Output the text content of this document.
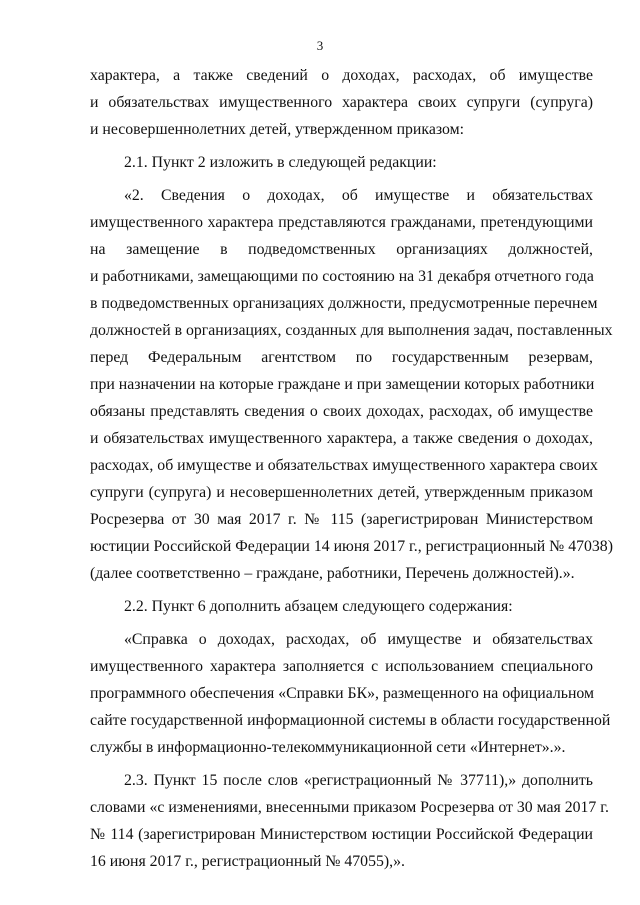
3
характера, а также сведений о доходах, расходах, об имуществе
и обязательствах имущественного характера своих супруги (супруга)
и несовершеннолетних детей, утвержденном приказом:
2.1. Пункт 2 изложить в следующей редакции:
«2. Сведения о доходах, об имуществе и обязательствах
имущественного характера представляются гражданами, претендующими
на замещение в подведомственных организациях должностей,
и работниками, замещающими по состоянию на 31 декабря отчетного года
в подведомственных организациях должности, предусмотренные перечнем
должностей в организациях, созданных для выполнения задач, поставленных
перед Федеральным агентством по государственным резервам,
при назначении на которые граждане и при замещении которых работники
обязаны представлять сведения о своих доходах, расходах, об имуществе
и обязательствах имущественного характера, а также сведения о доходах,
расходах, об имуществе и обязательствах имущественного характера своих
супруги (супруга) и несовершеннолетних детей, утвержденным приказом
Росрезерва от 30 мая 2017 г. № 115 (зарегистрирован Министерством
юстиции Российской Федерации 14 июня 2017 г., регистрационный № 47038)
(далее соответственно – граждане, работники, Перечень должностей).».
2.2. Пункт 6 дополнить абзацем следующего содержания:
«Справка о доходах, расходах, об имуществе и обязательствах
имущественного характера заполняется с использованием специального
программного обеспечения «Справки БК», размещенного на официальном
сайте государственной информационной системы в области государственной
службы в информационно-телекоммуникационной сети «Интернет».».
2.3. Пункт 15 после слов «регистрационный № 37711),» дополнить
словами «с изменениями, внесенными приказом Росрезерва от 30 мая 2017 г.
№ 114 (зарегистрирован Министерством юстиции Российской Федерации
16 июня 2017 г., регистрационный № 47055),».
